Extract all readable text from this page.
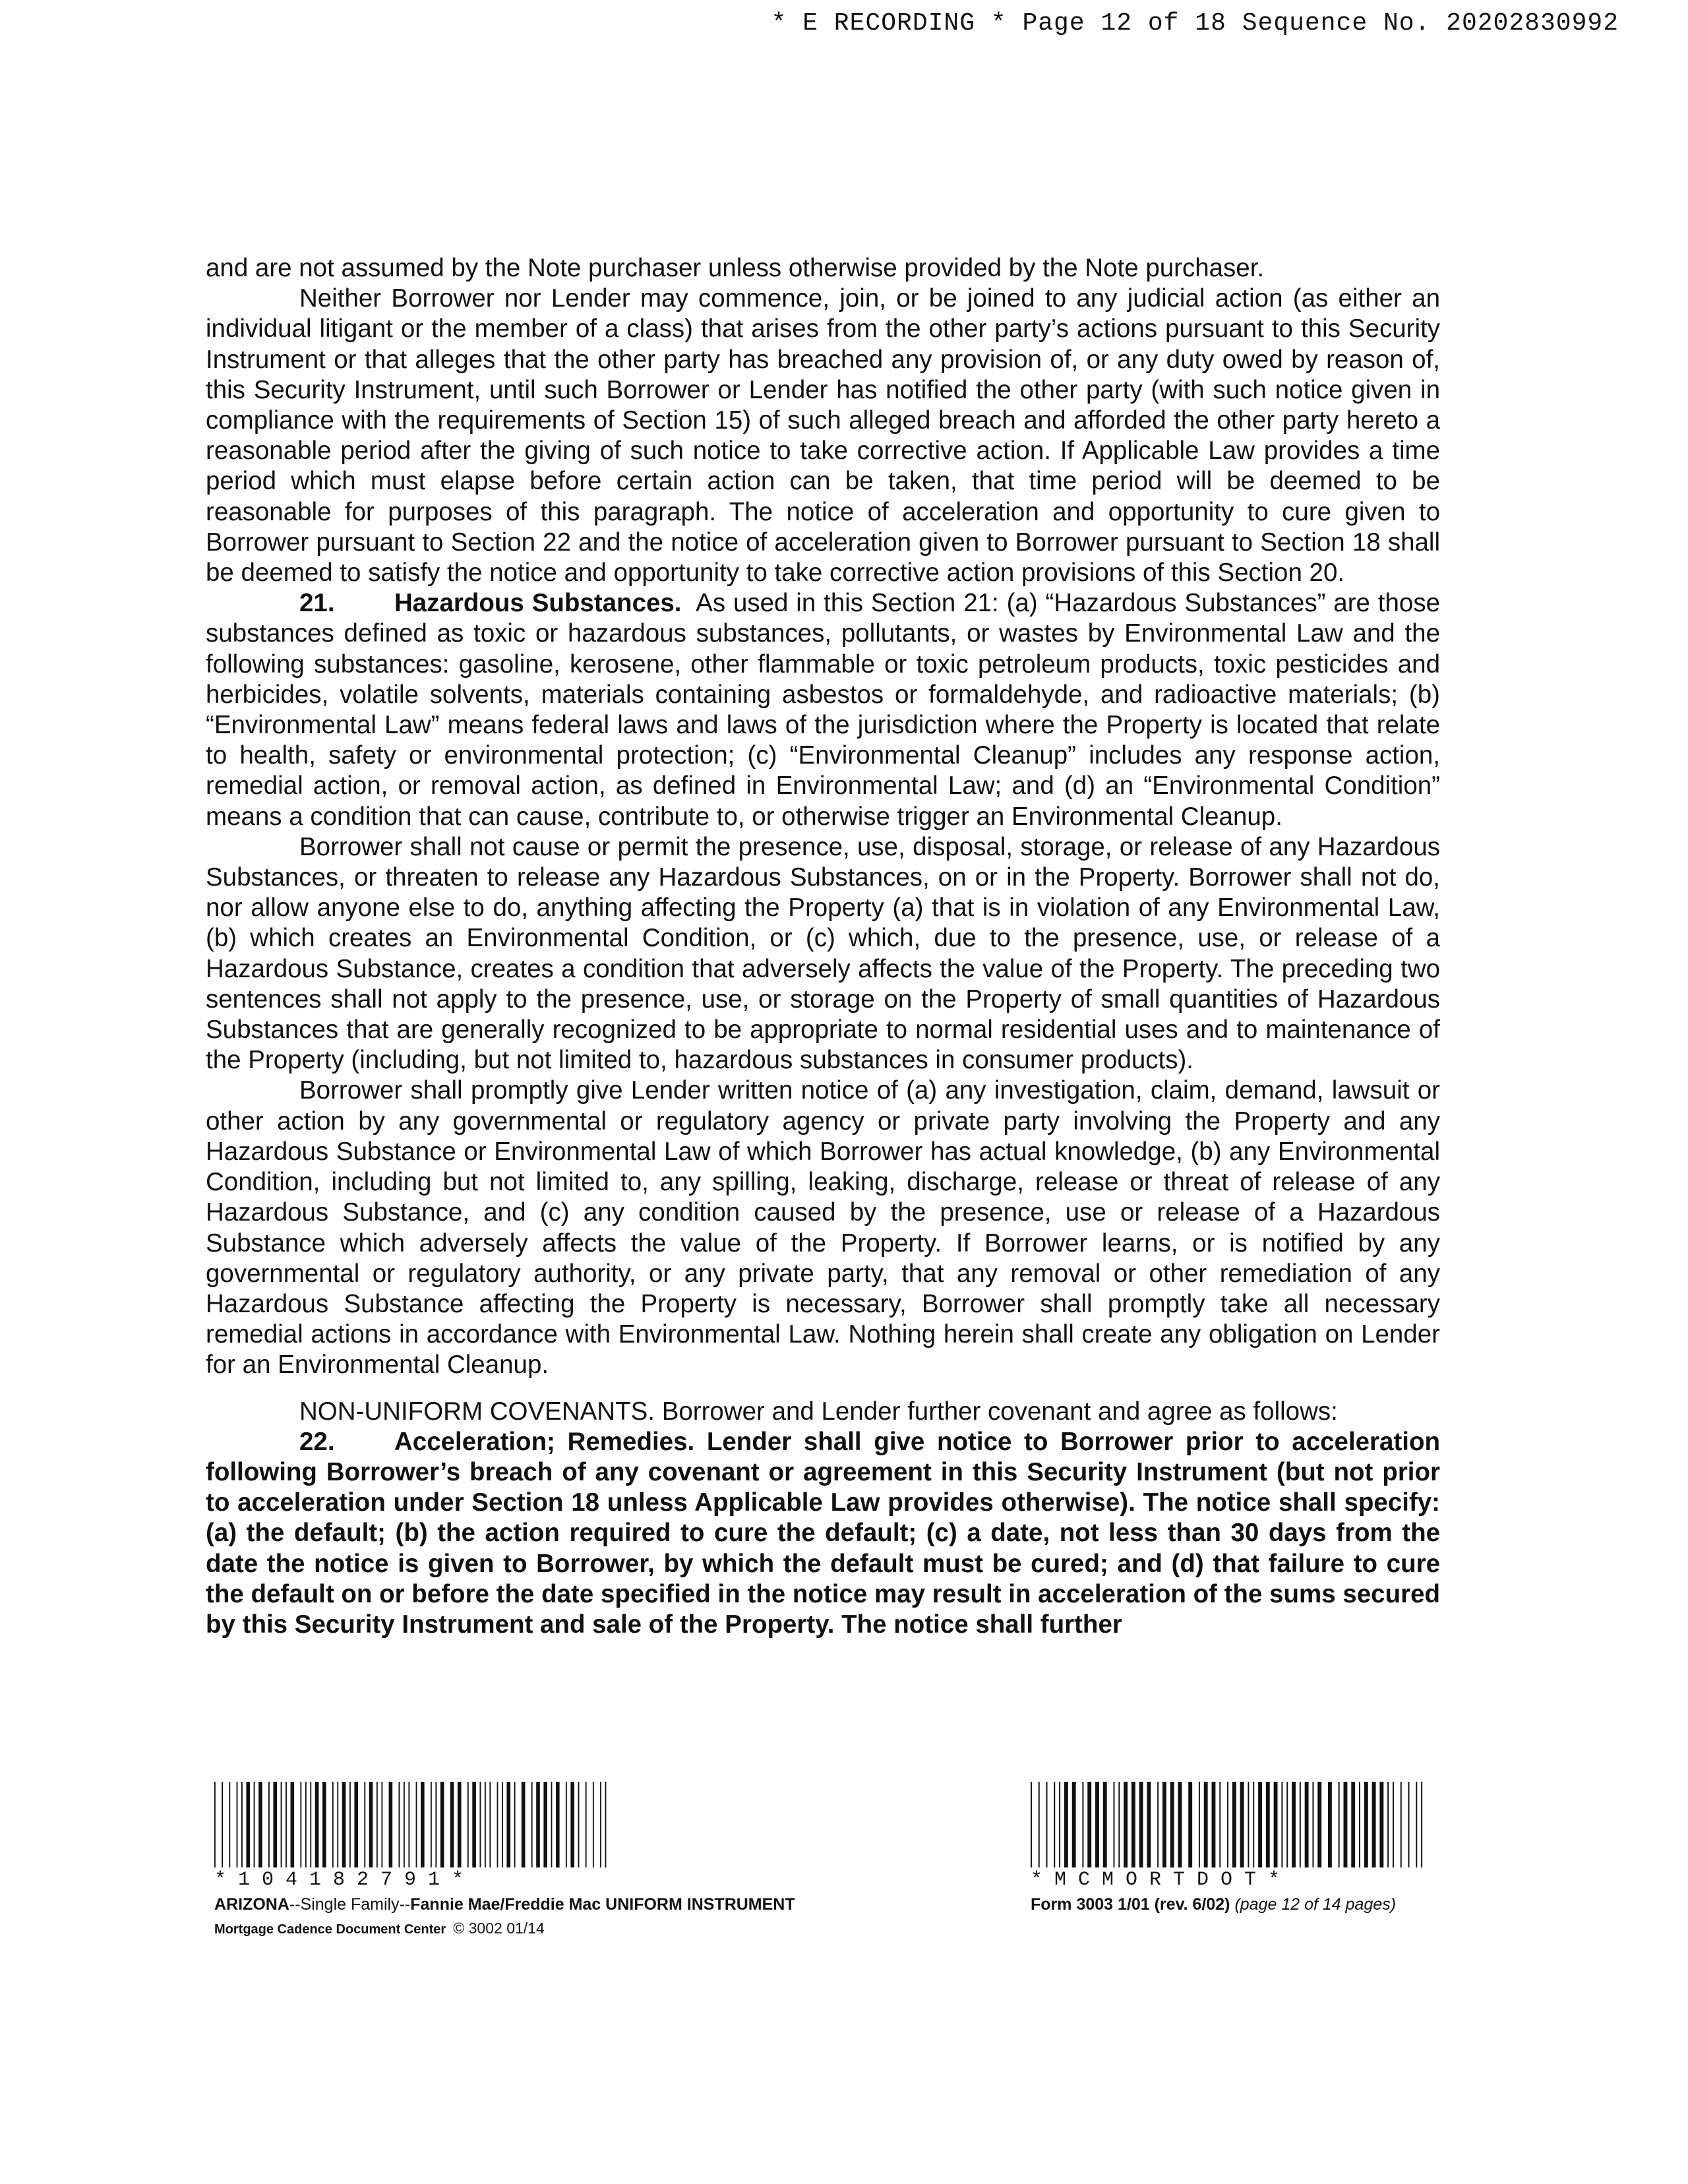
* E RECORDING * Page 12 of 18 Sequence No. 20202830992

and are not assumed by the Note purchaser unless otherwise provided by the Note purchaser.

Neither Borrower nor Lender may commence, join, or be joined to any judicial action (as either an individual litigant or the member of a class) that arises from the other party’s actions pursuant to this Security Instrument or that alleges that the other party has breached any provision of, or any duty owed by reason of, this Security Instrument, until such Borrower or Lender has notified the other party (with such notice given in compliance with the requirements of Section 15) of such alleged breach and afforded the other party hereto a reasonable period after the giving of such notice to take corrective action. If Applicable Law provides a time period which must elapse before certain action can be taken, that time period will be deemed to be reasonable for purposes of this paragraph. The notice of acceleration and opportunity to cure given to Borrower pursuant to Section 22 and the notice of acceleration given to Borrower pursuant to Section 18 shall be deemed to satisfy the notice and opportunity to take corrective action provisions of this Section 20.

21. Hazardous Substances. As used in this Section 21: (a) “Hazardous Substances” are those substances defined as toxic or hazardous substances, pollutants, or wastes by Environmental Law and the following substances: gasoline, kerosene, other flammable or toxic petroleum products, toxic pesticides and herbicides, volatile solvents, materials containing asbestos or formaldehyde, and radioactive materials; (b) “Environmental Law” means federal laws and laws of the jurisdiction where the Property is located that relate to health, safety or environmental protection; (c) “Environmental Cleanup” includes any response action, remedial action, or removal action, as defined in Environmental Law; and (d) an “Environmental Condition” means a condition that can cause, contribute to, or otherwise trigger an Environmental Cleanup.

Borrower shall not cause or permit the presence, use, disposal, storage, or release of any Hazardous Substances, or threaten to release any Hazardous Substances, on or in the Property. Borrower shall not do, nor allow anyone else to do, anything affecting the Property (a) that is in violation of any Environmental Law, (b) which creates an Environmental Condition, or (c) which, due to the presence, use, or release of a Hazardous Substance, creates a condition that adversely affects the value of the Property. The preceding two sentences shall not apply to the presence, use, or storage on the Property of small quantities of Hazardous Substances that are generally recognized to be appropriate to normal residential uses and to maintenance of the Property (including, but not limited to, hazardous substances in consumer products).

Borrower shall promptly give Lender written notice of (a) any investigation, claim, demand, lawsuit or other action by any governmental or regulatory agency or private party involving the Property and any Hazardous Substance or Environmental Law of which Borrower has actual knowledge, (b) any Environmental Condition, including but not limited to, any spilling, leaking, discharge, release or threat of release of any Hazardous Substance, and (c) any condition caused by the presence, use or release of a Hazardous Substance which adversely affects the value of the Property. If Borrower learns, or is notified by any governmental or regulatory authority, or any private party, that any removal or other remediation of any Hazardous Substance affecting the Property is necessary, Borrower shall promptly take all necessary remedial actions in accordance with Environmental Law. Nothing herein shall create any obligation on Lender for an Environmental Cleanup.

NON-UNIFORM COVENANTS. Borrower and Lender further covenant and agree as follows:

22. Acceleration; Remedies. Lender shall give notice to Borrower prior to acceleration following Borrower’s breach of any covenant or agreement in this Security Instrument (but not prior to acceleration under Section 18 unless Applicable Law provides otherwise). The notice shall specify: (a) the default; (b) the action required to cure the default; (c) a date, not less than 30 days from the date the notice is given to Borrower, by which the default must be cured; and (d) that failure to cure the default on or before the date specified in the notice may result in acceleration of the sums secured by this Security Instrument and sale of the Property. The notice shall further

* 1 0 4 1 8 2 7 9 1 *
ARIZONA--Single Family--Fannie Mae/Freddie Mac UNIFORM INSTRUMENT
Mortgage Cadence Document Center © 3002 01/14
* M C M O R T D O T *
Form 3003 1/01 (rev. 6/02) (page 12 of 14 pages)
